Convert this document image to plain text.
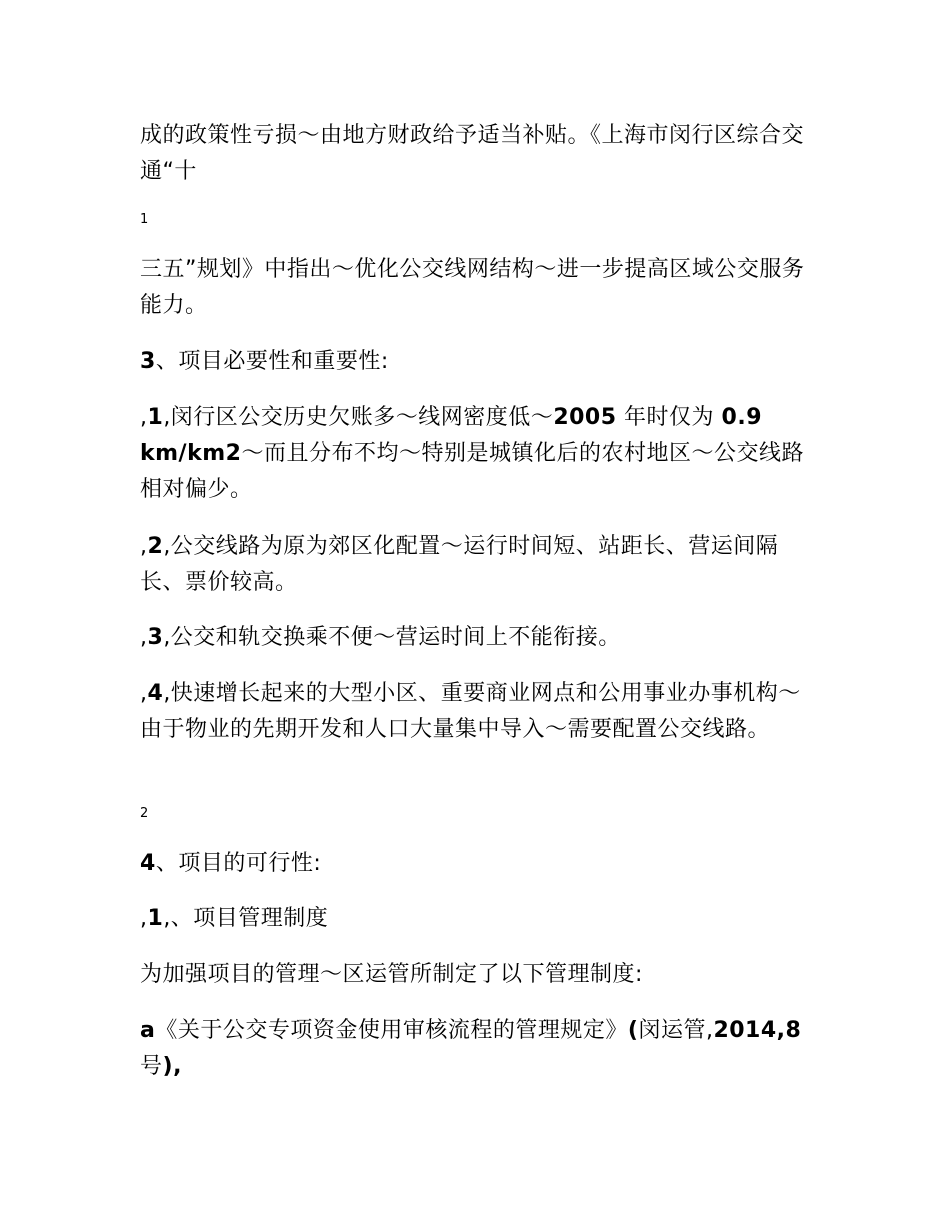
成的政策性亏损～由地方财政给予适当补贴。《上海市闵行区综合交通“十

1

三五”规划》中指出～优化公交线网结构～进一步提高区域公交服务能力。

3、项目必要性和重要性:

,1,闵行区公交历史欠账多～线网密度低～2005 年时仅为 0.9 km/km2～而且分布不均～特别是城镇化后的农村地区～公交线路相对偏少。

,2,公交线路为原为郊区化配置～运行时间短、站距长、营运间隔长、票价较高。

,3,公交和轨交换乘不便～营运时间上不能衔接。

,4,快速增长起来的大型小区、重要商业网点和公用事业办事机构～由于物业的先期开发和人口大量集中导入～需要配置公交线路。

2

4、项目的可行性:

,1,、项目管理制度

为加强项目的管理～区运管所制定了以下管理制度:

a《关于公交专项资金使用审核流程的管理规定》(闵运管,2014,8 号),
